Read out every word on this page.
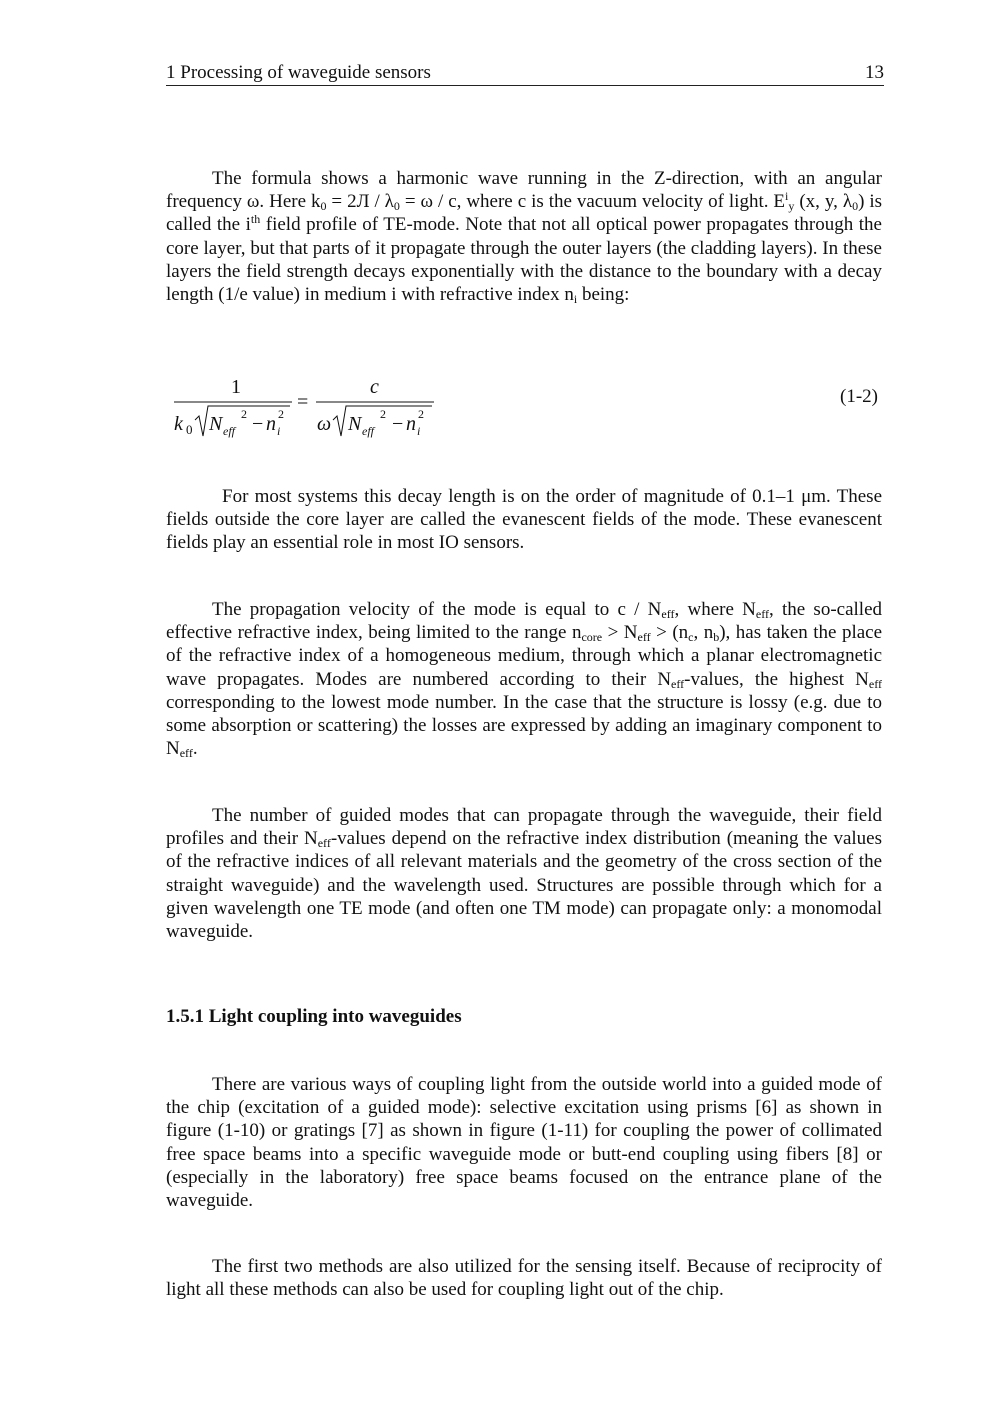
1 Processing of waveguide sensors	13

The formula shows a harmonic wave running in the Z-direction, with an angular frequency ω. Here $k_0 = 2Л / \lambda_0 = \omega / c$, where c is the vacuum velocity of light. $E^i_y$ (x, y, $\lambda_0$) is called the $i^{th}$ field profile of TE-mode. Note that not all optical power propagates through the core layer, but that parts of it propagate through the outer layers (the cladding layers). In these layers the field strength decays exponentially with the distance to the boundary with a decay length (1/e value) in medium i with refractive index $n_i$ being:

1
k 0 N eff
2 − n i
2
=
c
ω N eff
2 − n i
2
(1-2)

For most systems this decay length is on the order of magnitude of 0.1–1 μm. These fields outside the core layer are called the evanescent fields of the mode. These evanescent fields play an essential role in most IO sensors.

The propagation velocity of the mode is equal to c / $N_{eff}$, where $N_{eff}$, the so-called effective refractive index, being limited to the range $n_{core} > N_{eff} > (n_c$, $n_b$), has taken the place of the refractive index of a homogeneous medium, through which a planar electromagnetic wave propagates. Modes are numbered according to their $N_{eff}$-values, the highest $N_{eff}$ corresponding to the lowest mode number. In the case that the structure is lossy (e.g. due to some absorption or scattering) the losses are expressed by adding an imaginary component to $N_{eff}$.

The number of guided modes that can propagate through the waveguide, their field profiles and their $N_{eff}$-values depend on the refractive index distribution (meaning the values of the refractive indices of all relevant materials and the geometry of the cross section of the straight waveguide) and the wavelength used. Structures are possible through which for a given wavelength one TE mode (and often one TM mode) can propagate only: a monomodal waveguide.

1.5.1 Light coupling into waveguides

There are various ways of coupling light from the outside world into a guided mode of the chip (excitation of a guided mode): selective excitation using prisms [6] as shown in figure (1-10) or gratings [7] as shown in figure (1-11) for coupling the power of collimated free space beams into a specific waveguide mode or butt-end coupling using fibers [8] or (especially in the laboratory) free space beams focused on the entrance plane of the waveguide.

The first two methods are also utilized for the sensing itself. Because of reciprocity of light all these methods can also be used for coupling light out of the chip.
